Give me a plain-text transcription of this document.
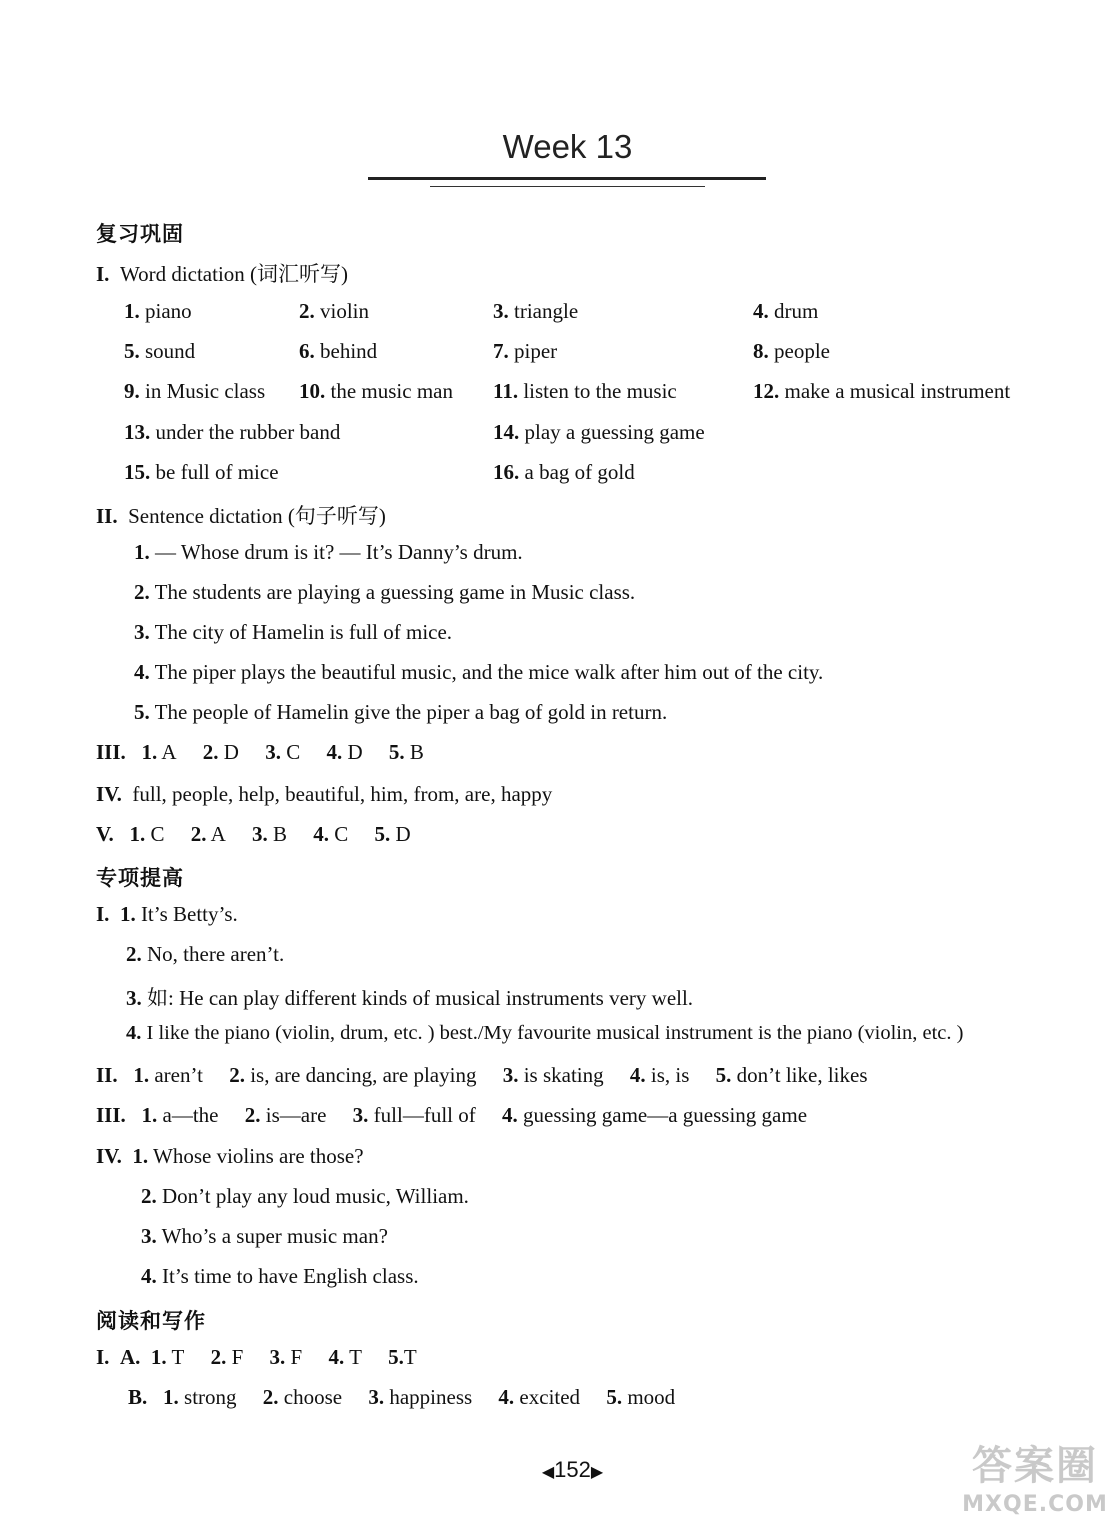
Week 13
复习巩固
I. Word dictation (词汇听写)
1. piano	2. violin	3. triangle	4. drum
5. sound	6. behind	7. piper	8. people
9. in Music class 10. the music man 11. listen to the music	12. make a musical instrument
13. under the rubber band	14. play a guessing game
15. be full of mice	16. a bag of gold
II. Sentence dictation (句子听写)
1. — Whose drum is it? — It’s Danny’s drum.
2. The students are playing a guessing game in Music class.
3. The city of Hamelin is full of mice.
4. The piper plays the beautiful music, and the mice walk after him out of the city.
5. The people of Hamelin give the piper a bag of gold in return.
III. 1. A 2. D 3. C 4. D 5. B
IV. full, people, help, beautiful, him, from, are, happy
V. 1. C 2. A 3. B 4. C 5. D
专项提高
I. 1. It’s Betty’s.
2. No, there aren’t.
3. 如: He can play different kinds of musical instruments very well.
4. I like the piano (violin, drum, etc. ) best./My favourite musical instrument is the piano (violin, etc. )
II. 1. aren’t 2. is, are dancing, are playing 3. is skating 4. is, is 5. don’t like, likes
III. 1. a—the 2. is—are 3. full—full of 4. guessing game—a guessing game
IV. 1. Whose violins are those?
2. Don’t play any loud music, William.
3. Who’s a super music man?
4. It’s time to have English class.
阅读和写作
I. A. 1. T 2. F 3. F 4. T 5.T
B. 1. strong 2. choose 3. happiness 4. excited 5. mood
◀152▶	答案圈
MXQE.COM
